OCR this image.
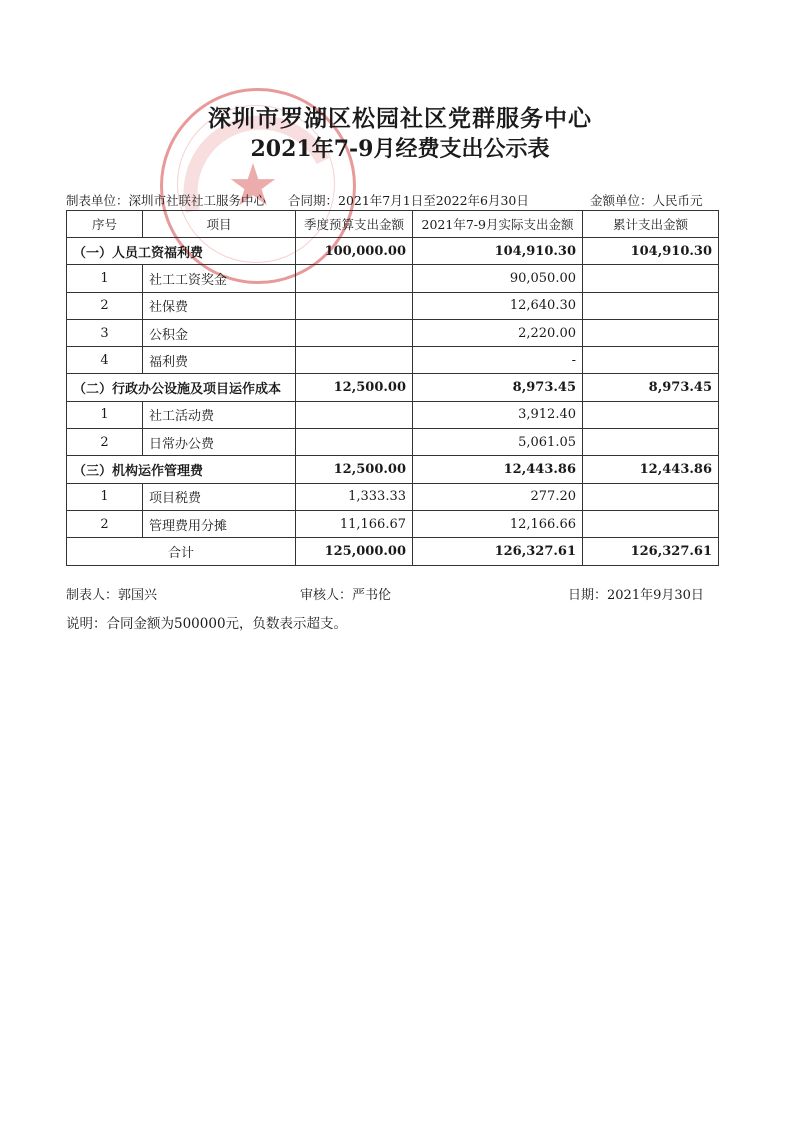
★
深圳市罗湖区松园社区党群服务中心
2021年7-9月经费支出公示表
制表单位：深圳市社联社工服务中心 合同期：2021年7月1日至2022年6月30日	金额单位：人民币元
序号	项目	季度预算支出金额	2021年7-9月实际支出金额	累计支出金额
（一）人员工资福利费		100,000.00	104,910.30	104,910.30
1	社工工资奖金		90,050.00	
2	社保费		12,640.30	
3	公积金		2,220.00	
4	福利费		-	
（二）行政办公设施及项目运作成本		12,500.00	8,973.45	8,973.45
1	社工活动费		3,912.40	
2	日常办公费		5,061.05	
（三）机构运作管理费		12,500.00	12,443.86	12,443.86
1	项目税费	1,333.33	277.20	
2	管理费用分摊	11,166.67	12,166.66	
合计		125,000.00	126,327.61	126,327.61
制表人：郭国兴	审核人：严书伦	日期：2021年9月30日
说明：合同金额为500000元，负数表示超支。
